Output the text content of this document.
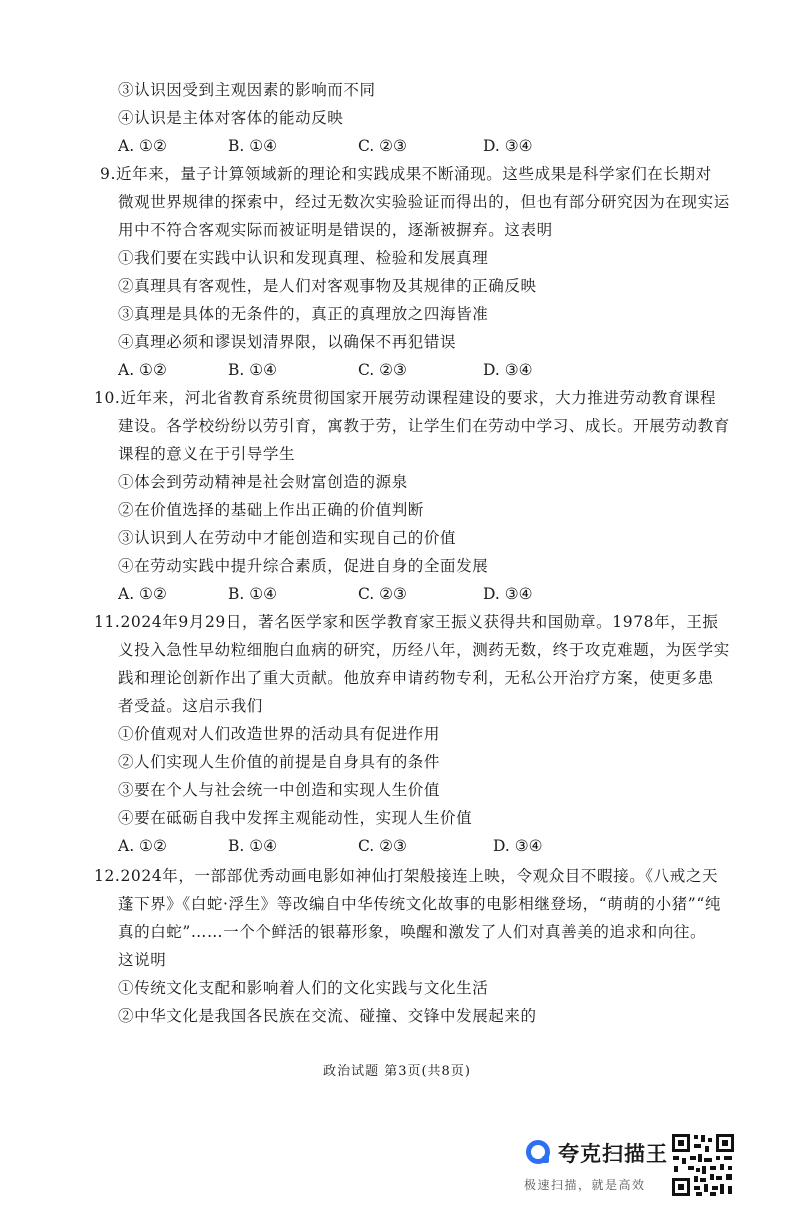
③认识因受到主观因素的影响而不同
④认识是主体对客体的能动反映
A. ①②	B. ①④	C. ②③	D. ③④
9.近年来，量子计算领域新的理论和实践成果不断涌现。这些成果是科学家们在长期对
微观世界规律的探索中，经过无数次实验验证而得出的，但也有部分研究因为在现实运
用中不符合客观实际而被证明是错误的，逐渐被摒弃。这表明
①我们要在实践中认识和发现真理、检验和发展真理
②真理具有客观性，是人们对客观事物及其规律的正确反映
③真理是具体的无条件的，真正的真理放之四海皆准
④真理必须和谬误划清界限，以确保不再犯错误
A. ①②	B. ①④	C. ②③	D. ③④
10.近年来，河北省教育系统贯彻国家开展劳动课程建设的要求，大力推进劳动教育课程
建设。各学校纷纷以劳引育，寓教于劳，让学生们在劳动中学习、成长。开展劳动教育
课程的意义在于引导学生
①体会到劳动精神是社会财富创造的源泉
②在价值选择的基础上作出正确的价值判断
③认识到人在劳动中才能创造和实现自己的价值
④在劳动实践中提升综合素质，促进自身的全面发展
A. ①②	B. ①④	C. ②③	D. ③④
11.2024年9月29日，著名医学家和医学教育家王振义获得共和国勋章。1978年，王振
义投入急性早幼粒细胞白血病的研究，历经八年，测药无数，终于攻克难题，为医学实
践和理论创新作出了重大贡献。他放弃申请药物专利，无私公开治疗方案，使更多患
者受益。这启示我们
①价值观对人们改造世界的活动具有促进作用
②人们实现人生价值的前提是自身具有的条件
③要在个人与社会统一中创造和实现人生价值
④要在砥砺自我中发挥主观能动性，实现人生价值
A. ①②	B. ①④	C. ②③	D. ③④
12.2024年，一部部优秀动画电影如神仙打架般接连上映，令观众目不暇接。《八戒之天
蓬下界》《白蛇·浮生》等改编自中华传统文化故事的电影相继登场，“萌萌的小猪”“纯
真的白蛇”……一个个鲜活的银幕形象，唤醒和激发了人们对真善美的追求和向往。
这说明
①传统文化支配和影响着人们的文化实践与文化生活
②中华文化是我国各民族在交流、碰撞、交锋中发展起来的
政治试题 第3页(共8页)
夸克扫描王
极速扫描，就是高效
